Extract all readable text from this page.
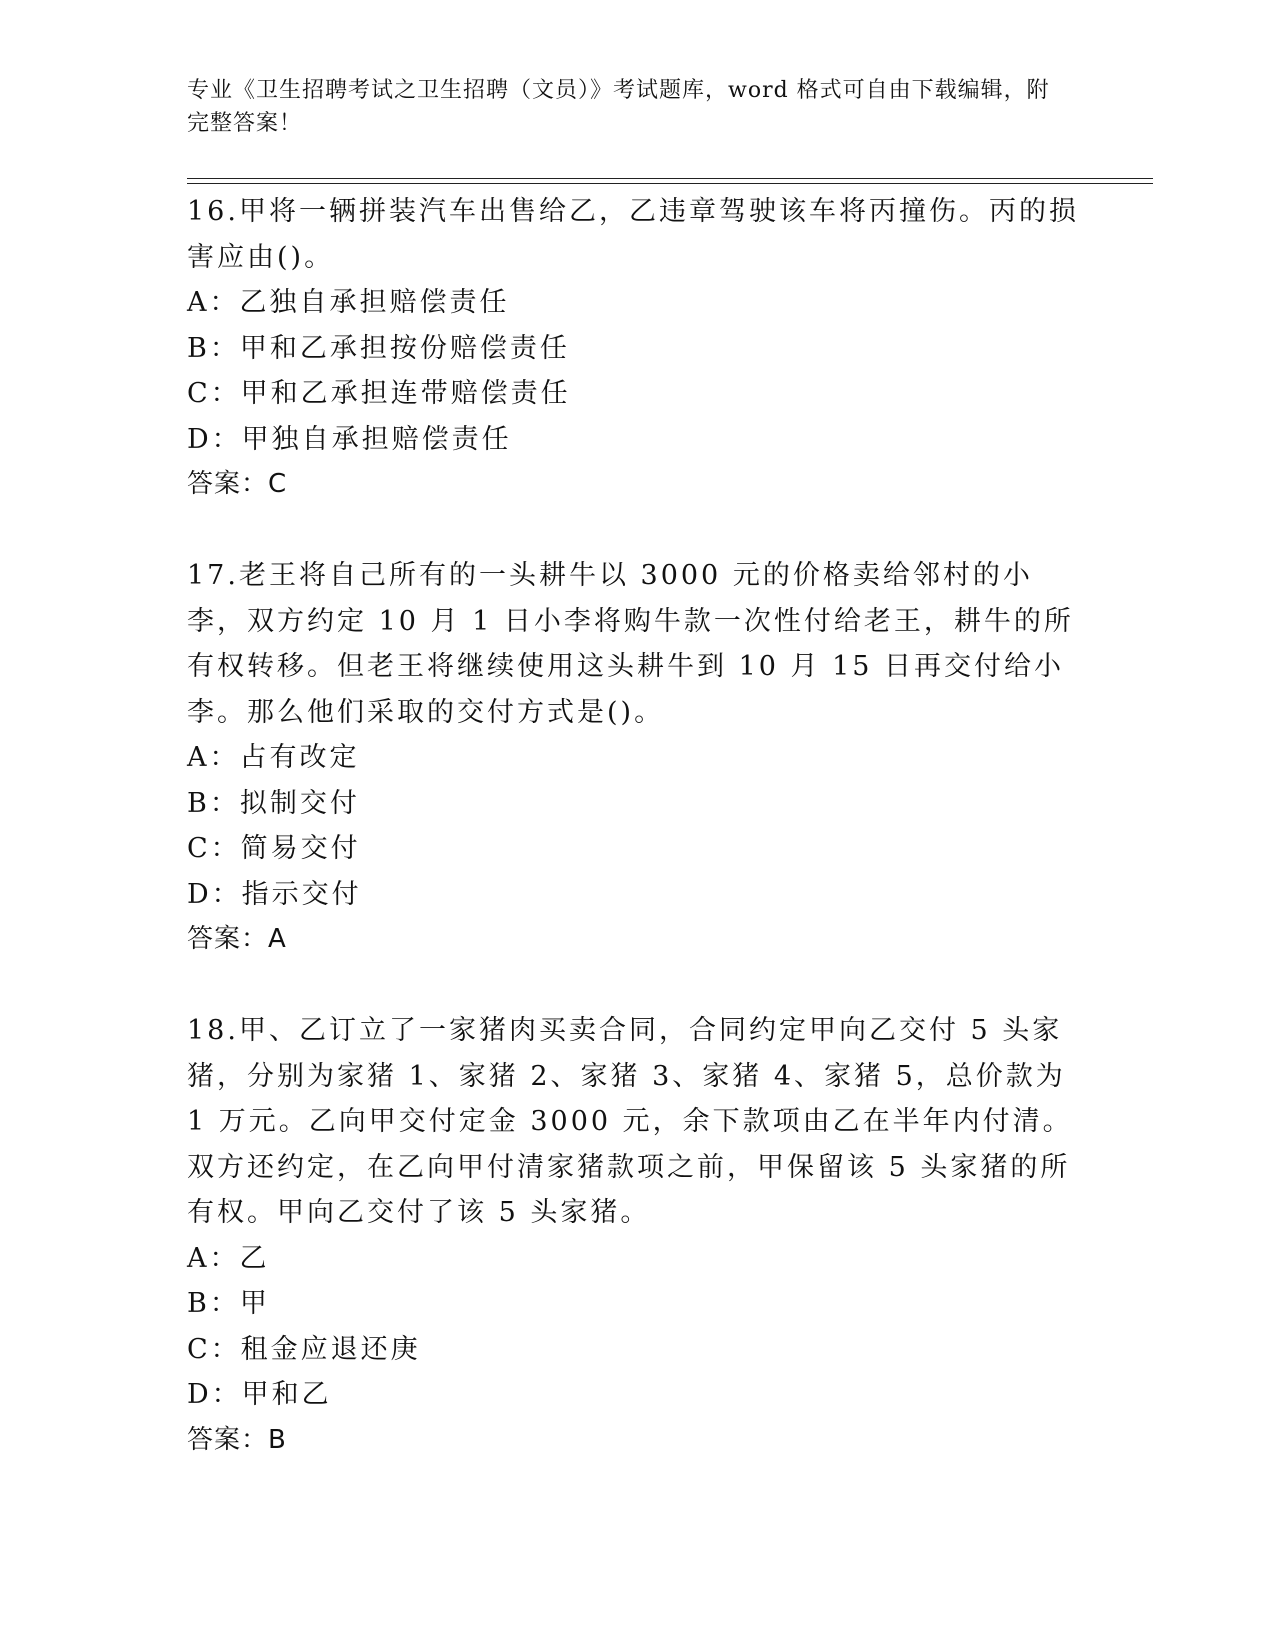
专业《卫生招聘考试之卫生招聘（文员）》考试题库，word 格式可自由下载编辑，附完整答案！
16.甲将一辆拼装汽车出售给乙，乙违章驾驶该车将丙撞伤。丙的损害应由()。
A：乙独自承担赔偿责任
B：甲和乙承担按份赔偿责任
C：甲和乙承担连带赔偿责任
D：甲独自承担赔偿责任
答案：C
17.老王将自己所有的一头耕牛以 3000 元的价格卖给邻村的小李，双方约定 10 月 1 日小李将购牛款一次性付给老王，耕牛的所有权转移。但老王将继续使用这头耕牛到 10 月 15 日再交付给小李。那么他们采取的交付方式是()。
A：占有改定
B：拟制交付
C：简易交付
D：指示交付
答案：A
18.甲、乙订立了一家猪肉买卖合同，合同约定甲向乙交付 5 头家猪，分别为家猪 1、家猪 2、家猪 3、家猪 4、家猪 5，总价款为 1 万元。乙向甲交付定金 3000 元，余下款项由乙在半年内付清。双方还约定，在乙向甲付清家猪款项之前，甲保留该 5 头家猪的所有权。甲向乙交付了该 5 头家猪。
A：乙
B：甲
C：租金应退还庚
D：甲和乙
答案：B
